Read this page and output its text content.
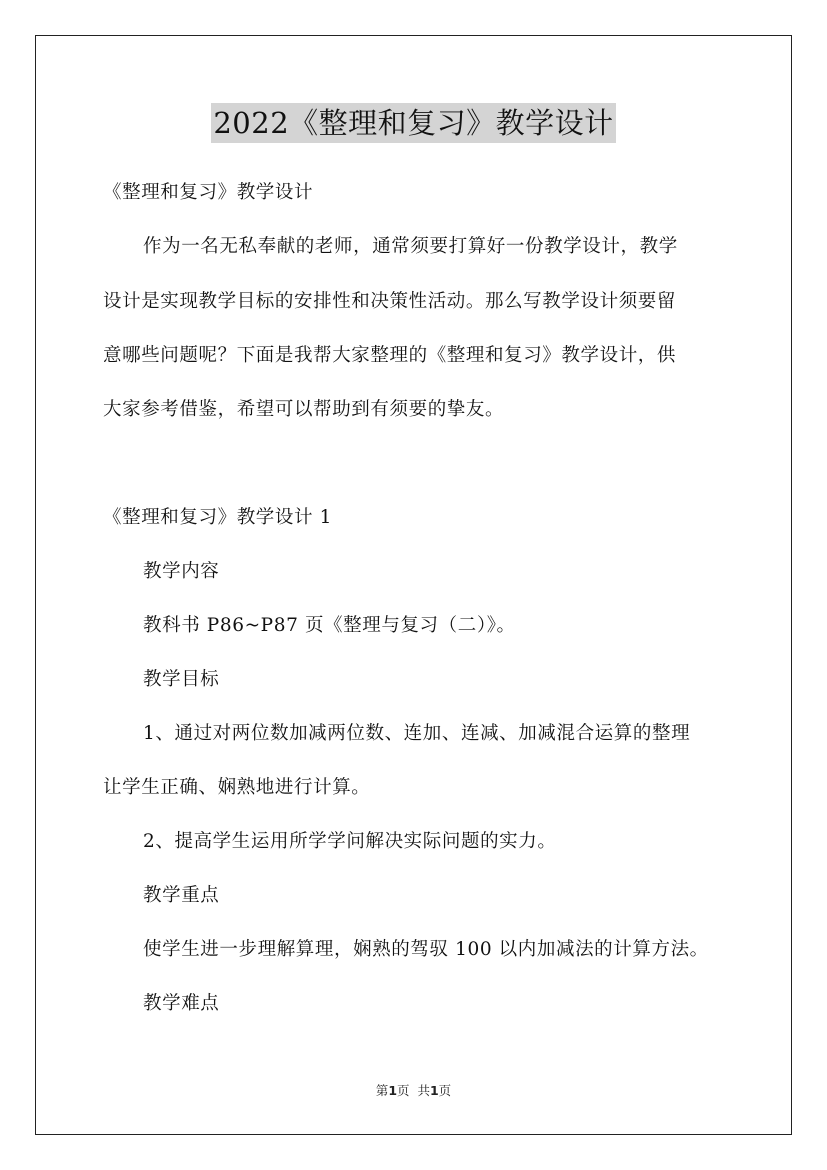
2022《整理和复习》教学设计
《整理和复习》教学设计
作为一名无私奉献的老师，通常须要打算好一份教学设计，教学
设计是实现教学目标的安排性和决策性活动。那么写教学设计须要留
意哪些问题呢？下面是我帮大家整理的《整理和复习》教学设计，供
大家参考借鉴，希望可以帮助到有须要的挚友。
《整理和复习》教学设计 1
教学内容
教科书 P86~P87 页《整理与复习（二）》。
教学目标
1、通过对两位数加减两位数、连加、连减、加减混合运算的整理
让学生正确、娴熟地进行计算。
2、提高学生运用所学学问解决实际问题的实力。
教学重点
使学生进一步理解算理，娴熟的驾驭 100 以内加减法的计算方法。
教学难点
第1页  共1页
